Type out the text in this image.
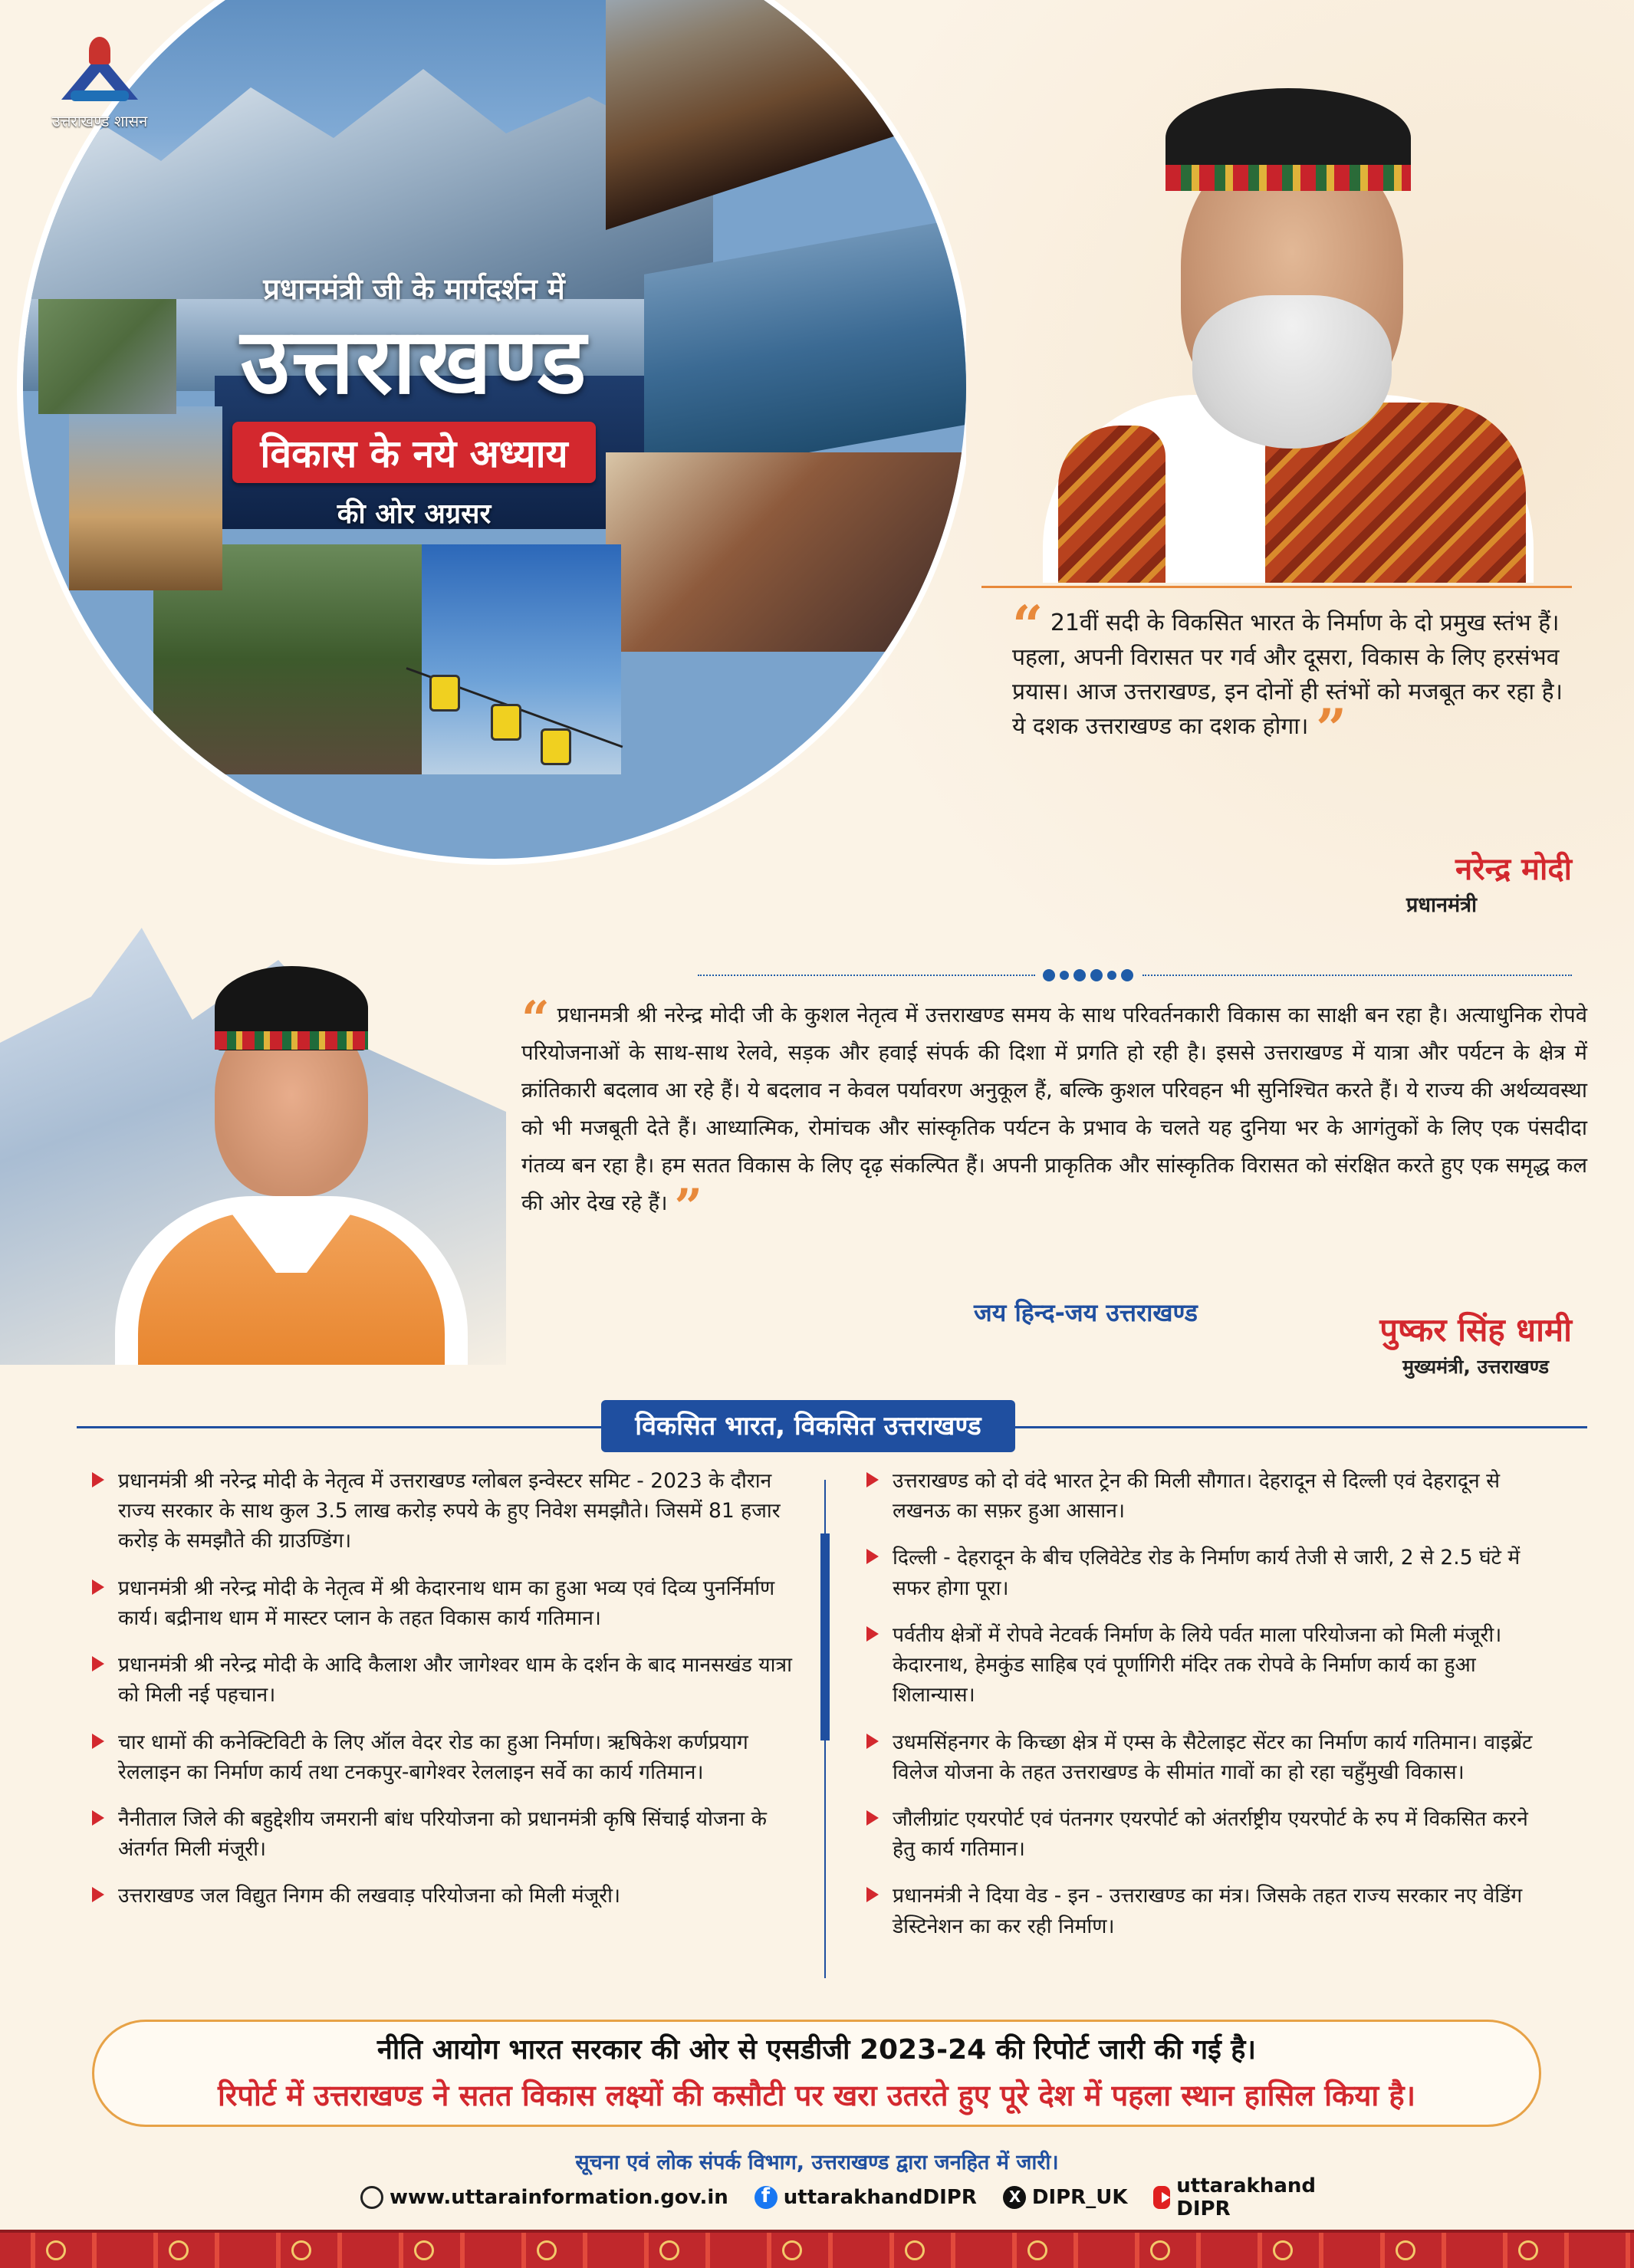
उत्तराखण्ड शासन
प्रधानमंत्री जी के मार्गदर्शन में
उत्तराखण्ड
विकास के नये अध्याय
की ओर अग्रसर
“ 21वीं सदी के विकसित भारत के निर्माण के दो प्रमुख स्तंभ हैं। पहला, अपनी विरासत पर गर्व और दूसरा, विकास के लिए हरसंभव प्रयास। आज उत्तराखण्ड, इन दोनों ही स्तंभों को मजबूत कर रहा है। ये दशक उत्तराखण्ड का दशक होगा। ”
नरेन्द्र मोदी
प्रधानमंत्री
“ प्रधानमत्री श्री नरेन्द्र मोदी जी के कुशल नेतृत्व में उत्तराखण्ड समय के साथ परिवर्तनकारी विकास का साक्षी बन रहा है। अत्याधुनिक रोपवे परियोजनाओं के साथ-साथ रेलवे, सड़क और हवाई संपर्क की दिशा में प्रगति हो रही है। इससे उत्तराखण्ड में यात्रा और पर्यटन के क्षेत्र में क्रांतिकारी बदलाव आ रहे हैं। ये बदलाव न केवल पर्यावरण अनुकूल हैं, बल्कि कुशल परिवहन भी सुनिश्चित करते हैं। ये राज्य की अर्थव्यवस्था को भी मजबूती देते हैं। आध्यात्मिक, रोमांचक और सांस्कृतिक पर्यटन के प्रभाव के चलते यह दुनिया भर के आगंतुकों के लिए एक पंसदीदा गंतव्य बन रहा है। हम सतत विकास के लिए दृढ़ संकल्पित हैं। अपनी प्राकृतिक और सांस्कृतिक विरासत को संरक्षित करते हुए एक समृद्ध कल की ओर देख रहे हैं। ”
जय हिन्द-जय उत्तराखण्ड	पुष्कर सिंह धामी
मुख्यमंत्री, उत्तराखण्ड
विकसित भारत, विकसित उत्तराखण्ड
प्रधानमंत्री श्री नरेन्द्र मोदी के नेतृत्व में उत्तराखण्ड ग्लोबल इन्वेस्टर समिट - 2023 के दौरान राज्य सरकार के साथ कुल 3.5 लाख करोड़ रुपये के हुए निवेश समझौते। जिसमें 81 हजार करोड़ के समझौते की ग्राउण्डिंग।
प्रधानमंत्री श्री नरेन्द्र मोदी के नेतृत्व में श्री केदारनाथ धाम का हुआ भव्य एवं दिव्य पुनर्निर्माण कार्य। बद्रीनाथ धाम में मास्टर प्लान के तहत विकास कार्य गतिमान।
प्रधानमंत्री श्री नरेन्द्र मोदी के आदि कैलाश और जागेश्वर धाम के दर्शन के बाद मानसखंड यात्रा को मिली नई पहचान।
चार धामों की कनेक्टिविटी के लिए ऑल वेदर रोड का हुआ निर्माण। ऋषिकेश कर्णप्रयाग रेललाइन का निर्माण कार्य तथा टनकपुर-बागेश्वर रेललाइन सर्वे का कार्य गतिमान।
नैनीताल जिले की बहुद्देशीय जमरानी बांध परियोजना को प्रधानमंत्री कृषि सिंचाई योजना के अंतर्गत मिली मंजूरी।
उत्तराखण्ड जल विद्युत निगम की लखवाड़ परियोजना को मिली मंजूरी।
उत्तराखण्ड को दो वंदे भारत ट्रेन की मिली सौगात। देहरादून से दिल्ली एवं देहरादून से लखनऊ का सफ़र हुआ आसान।
दिल्ली - देहरादून के बीच एलिवेटेड रोड के निर्माण कार्य तेजी से जारी, 2 से 2.5 घंटे में सफर होगा पूरा।
पर्वतीय क्षेत्रों में रोपवे नेटवर्क निर्माण के लिये पर्वत माला परियोजना को मिली मंजूरी। केदारनाथ, हेमकुंड साहिब एवं पूर्णागिरी मंदिर तक रोपवे के निर्माण कार्य का हुआ शिलान्यास।
उधमसिंहनगर के किच्छा क्षेत्र में एम्स के सैटेलाइट सेंटर का निर्माण कार्य गतिमान। वाइब्रेंट विलेज योजना के तहत उत्तराखण्ड के सीमांत गावों का हो रहा चहुँमुखी विकास।
जौलीग्रांट एयरपोर्ट एवं पंतनगर एयरपोर्ट को अंतर्राष्ट्रीय एयरपोर्ट के रुप में विकसित करने हेतु कार्य गतिमान।
प्रधानमंत्री ने दिया वेड - इन - उत्तराखण्ड का मंत्र। जिसके तहत राज्य सरकार नए वेडिंग डेस्टिनेशन का कर रही निर्माण।
नीति आयोग भारत सरकार की ओर से एसडीजी 2023-24 की रिपोर्ट जारी की गई है।
रिपोर्ट में उत्तराखण्ड ने सतत विकास लक्ष्यों की कसौटी पर खरा उतरते हुए पूरे देश में पहला स्थान हासिल किया है।
सूचना एवं लोक संपर्क विभाग, उत्तराखण्ड द्वारा जनहित में जारी।
www.uttarainformation.gov.in f	uttarakhandDIPR X	DIPR_UK uttarakhand DIPR
